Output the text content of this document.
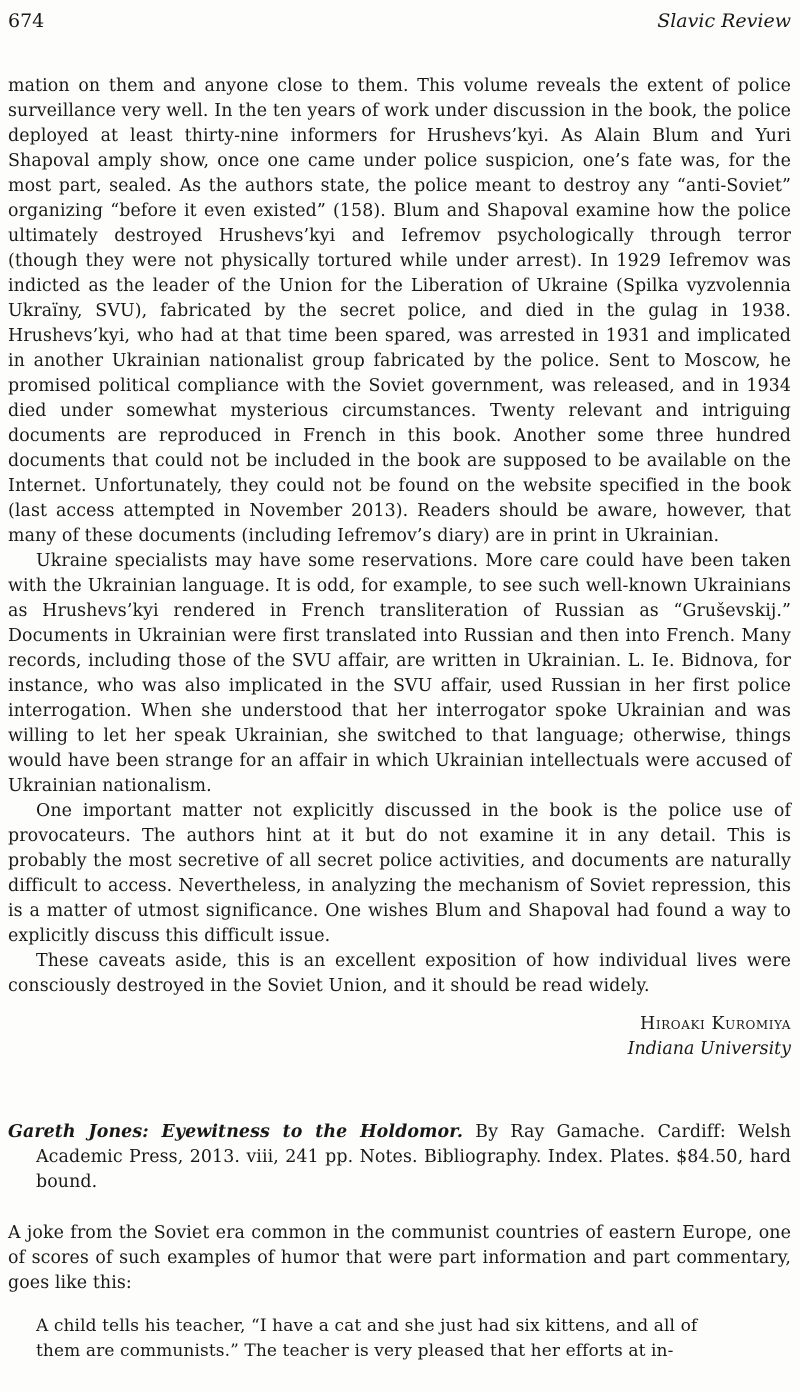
674	Slavic Review

mation on them and anyone close to them. This volume reveals the extent of police surveillance very well. In the ten years of work under discussion in the book, the police deployed at least thirty-nine informers for Hrushevs’kyi. As Alain Blum and Yuri Shapoval amply show, once one came under police suspicion, one’s fate was, for the most part, sealed. As the authors state, the police meant to destroy any “anti-Soviet” organizing “before it even existed” (158). Blum and Shapoval examine how the police ultimately destroyed Hrushevs’kyi and Iefremov psychologically through terror (though they were not physically tortured while under arrest). In 1929 Iefremov was indicted as the leader of the Union for the Liberation of Ukraine (Spilka vyzvolennia Ukraïny, SVU), fabricated by the secret police, and died in the gulag in 1938. Hrushevs’kyi, who had at that time been spared, was arrested in 1931 and implicated in another Ukrainian nationalist group fabricated by the police. Sent to Moscow, he promised political compliance with the Soviet government, was released, and in 1934 died under somewhat mysterious circumstances. Twenty relevant and intriguing documents are reproduced in French in this book. Another some three hundred documents that could not be included in the book are supposed to be available on the Internet. Unfortunately, they could not be found on the website specified in the book (last access attempted in November 2013). Readers should be aware, however, that many of these documents (including Iefremov’s diary) are in print in Ukrainian.

Ukraine specialists may have some reservations. More care could have been taken with the Ukrainian language. It is odd, for example, to see such well-known Ukrainians as Hrushevs’kyi rendered in French transliteration of Russian as “Gruševskij.” Documents in Ukrainian were first translated into Russian and then into French. Many records, including those of the SVU affair, are written in Ukrainian. L. Ie. Bidnova, for instance, who was also implicated in the SVU affair, used Russian in her first police interrogation. When she understood that her interrogator spoke Ukrainian and was willing to let her speak Ukrainian, she switched to that language; otherwise, things would have been strange for an affair in which Ukrainian intellectuals were accused of Ukrainian nationalism.

One important matter not explicitly discussed in the book is the police use of provocateurs. The authors hint at it but do not examine it in any detail. This is probably the most secretive of all secret police activities, and documents are naturally difficult to access. Nevertheless, in analyzing the mechanism of Soviet repression, this is a matter of utmost significance. One wishes Blum and Shapoval had found a way to explicitly discuss this difficult issue.

These caveats aside, this is an excellent exposition of how individual lives were consciously destroyed in the Soviet Union, and it should be read widely.

Hiroaki Kuromiya
Indiana University

Gareth Jones: Eyewitness to the Holdomor. By Ray Gamache. Cardiff: Welsh Academic Press, 2013. viii, 241 pp. Notes. Bibliography. Index. Plates. $84.50, hard bound.

A joke from the Soviet era common in the communist countries of eastern Europe, one of scores of such examples of humor that were part information and part commentary, goes like this:

A child tells his teacher, “I have a cat and she just had six kittens, and all of them are communists.” The teacher is very pleased that her efforts at in-
